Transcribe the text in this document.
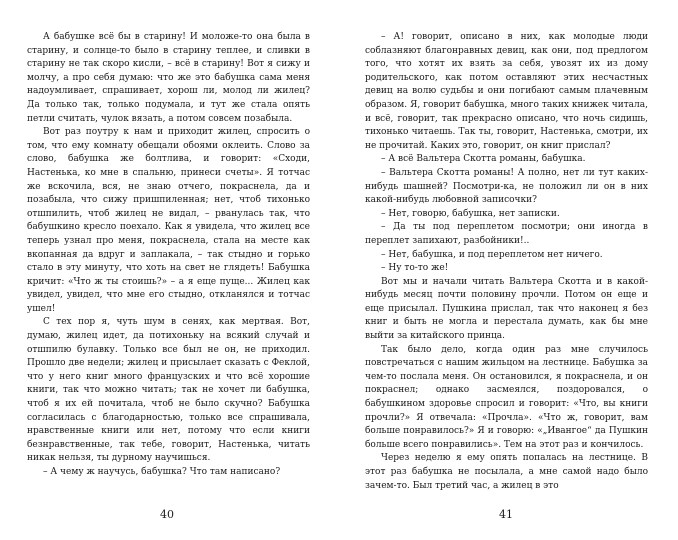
А бабушке всё бы в старину! И моложе-то она была в старину, и солнце-то было в старину теплее, и сливки в старину не так скоро кисли, – всё в старину! Вот я сижу и молчу, а про себя думаю: что же это бабушка сама меня надоумливает, спрашивает, хорош ли, молод ли жилец? Да только так, только подумала, и тут же стала опять петли считать, чулок вязать, а потом совсем позабыла.

Вот раз поутру к нам и приходит жилец, спросить о том, что ему комнату обещали обоями оклеить. Слово за слово, бабушка же болтлива, и говорит: «Сходи, Настенька, ко мне в спальню, принеси счеты». Я тотчас же вскочила, вся, не знаю отчего, покраснела, да и позабыла, что сижу пришпиленная; нет, чтоб тихонько отшпилить, чтоб жилец не видал, – рванулась так, что бабушкино кресло поехало. Как я увидела, что жилец все теперь узнал про меня, покраснела, стала на месте как вкопанная да вдруг и заплакала, – так стыдно и горько стало в эту минуту, что хоть на свет не глядеть! Бабушка кричит: «Что ж ты стоишь?» – а я еще пуще... Жилец как увидел, увидел, что мне его стыдно, откланялся и тотчас ушел!

С тех пор я, чуть шум в сенях, как мертвая. Вот, думаю, жилец идет, да потихоньку на всякий случай и отшпилю булавку. Только все был не он, не приходил. Прошло две недели; жилец и присылает сказать с Феклой, что у него книг много французских и что всё хорошие книги, так что можно читать; так не хочет ли бабушка, чтоб я их ей почитала, чтоб не было скучно? Бабушка согласилась с благодарностью, только все спрашивала, нравственные книги или нет, потому что если книги безнравственные, так тебе, говорит, Настенька, читать никак нельзя, ты дурному научишься.

– А чему ж научусь, бабушка? Что там написано?

40

– А! говорит, описано в них, как молодые люди соблазняют благонравных девиц, как они, под предлогом того, что хотят их взять за себя, увозят их из дому родительского, как потом оставляют этих несчастных девиц на волю судьбы и они погибают самым плачевным образом. Я, говорит бабушка, много таких книжек читала, и всё, говорит, так прекрасно описано, что ночь сидишь, тихонько читаешь. Так ты, говорит, Настенька, смотри, их не прочитай. Каких это, говорит, он книг прислал?

– А всё Вальтера Скотта романы, бабушка.

– Вальтера Скотта романы! А полно, нет ли тут каких-нибудь шашней? Посмотри-ка, не положил ли он в них какой-нибудь любовной записочки?

– Нет, говорю, бабушка, нет записки.

– Да ты под переплетом посмотри; они иногда в переплет запихают, разбойники!..

– Нет, бабушка, и под переплетом нет ничего.

– Ну то-то же!

Вот мы и начали читать Вальтера Скотта и в какой-нибудь месяц почти половину прочли. Потом он еще и еще присылал. Пушкина прислал, так что наконец я без книг и быть не могла и перестала думать, как бы мне выйти за китайского принца.

Так было дело, когда один раз мне случилось повстречаться с нашим жильцом на лестнице. Бабушка за чем-то послала меня. Он остановился, я покраснела, и он покраснел; однако засмеялся, поздоровался, о бабушкином здоровье спросил и говорит: «Что, вы книги прочли?» Я отвечала: «Прочла». «Что ж, говорит, вам больше понравилось?» Я и говорю: «„Ивангое“ да Пушкин больше всего понравились». Тем на этот раз и кончилось.

Через неделю я ему опять попалась на лестнице. В этот раз бабушка не посылала, а мне самой надо было зачем-то. Был третий час, а жилец в это

41
